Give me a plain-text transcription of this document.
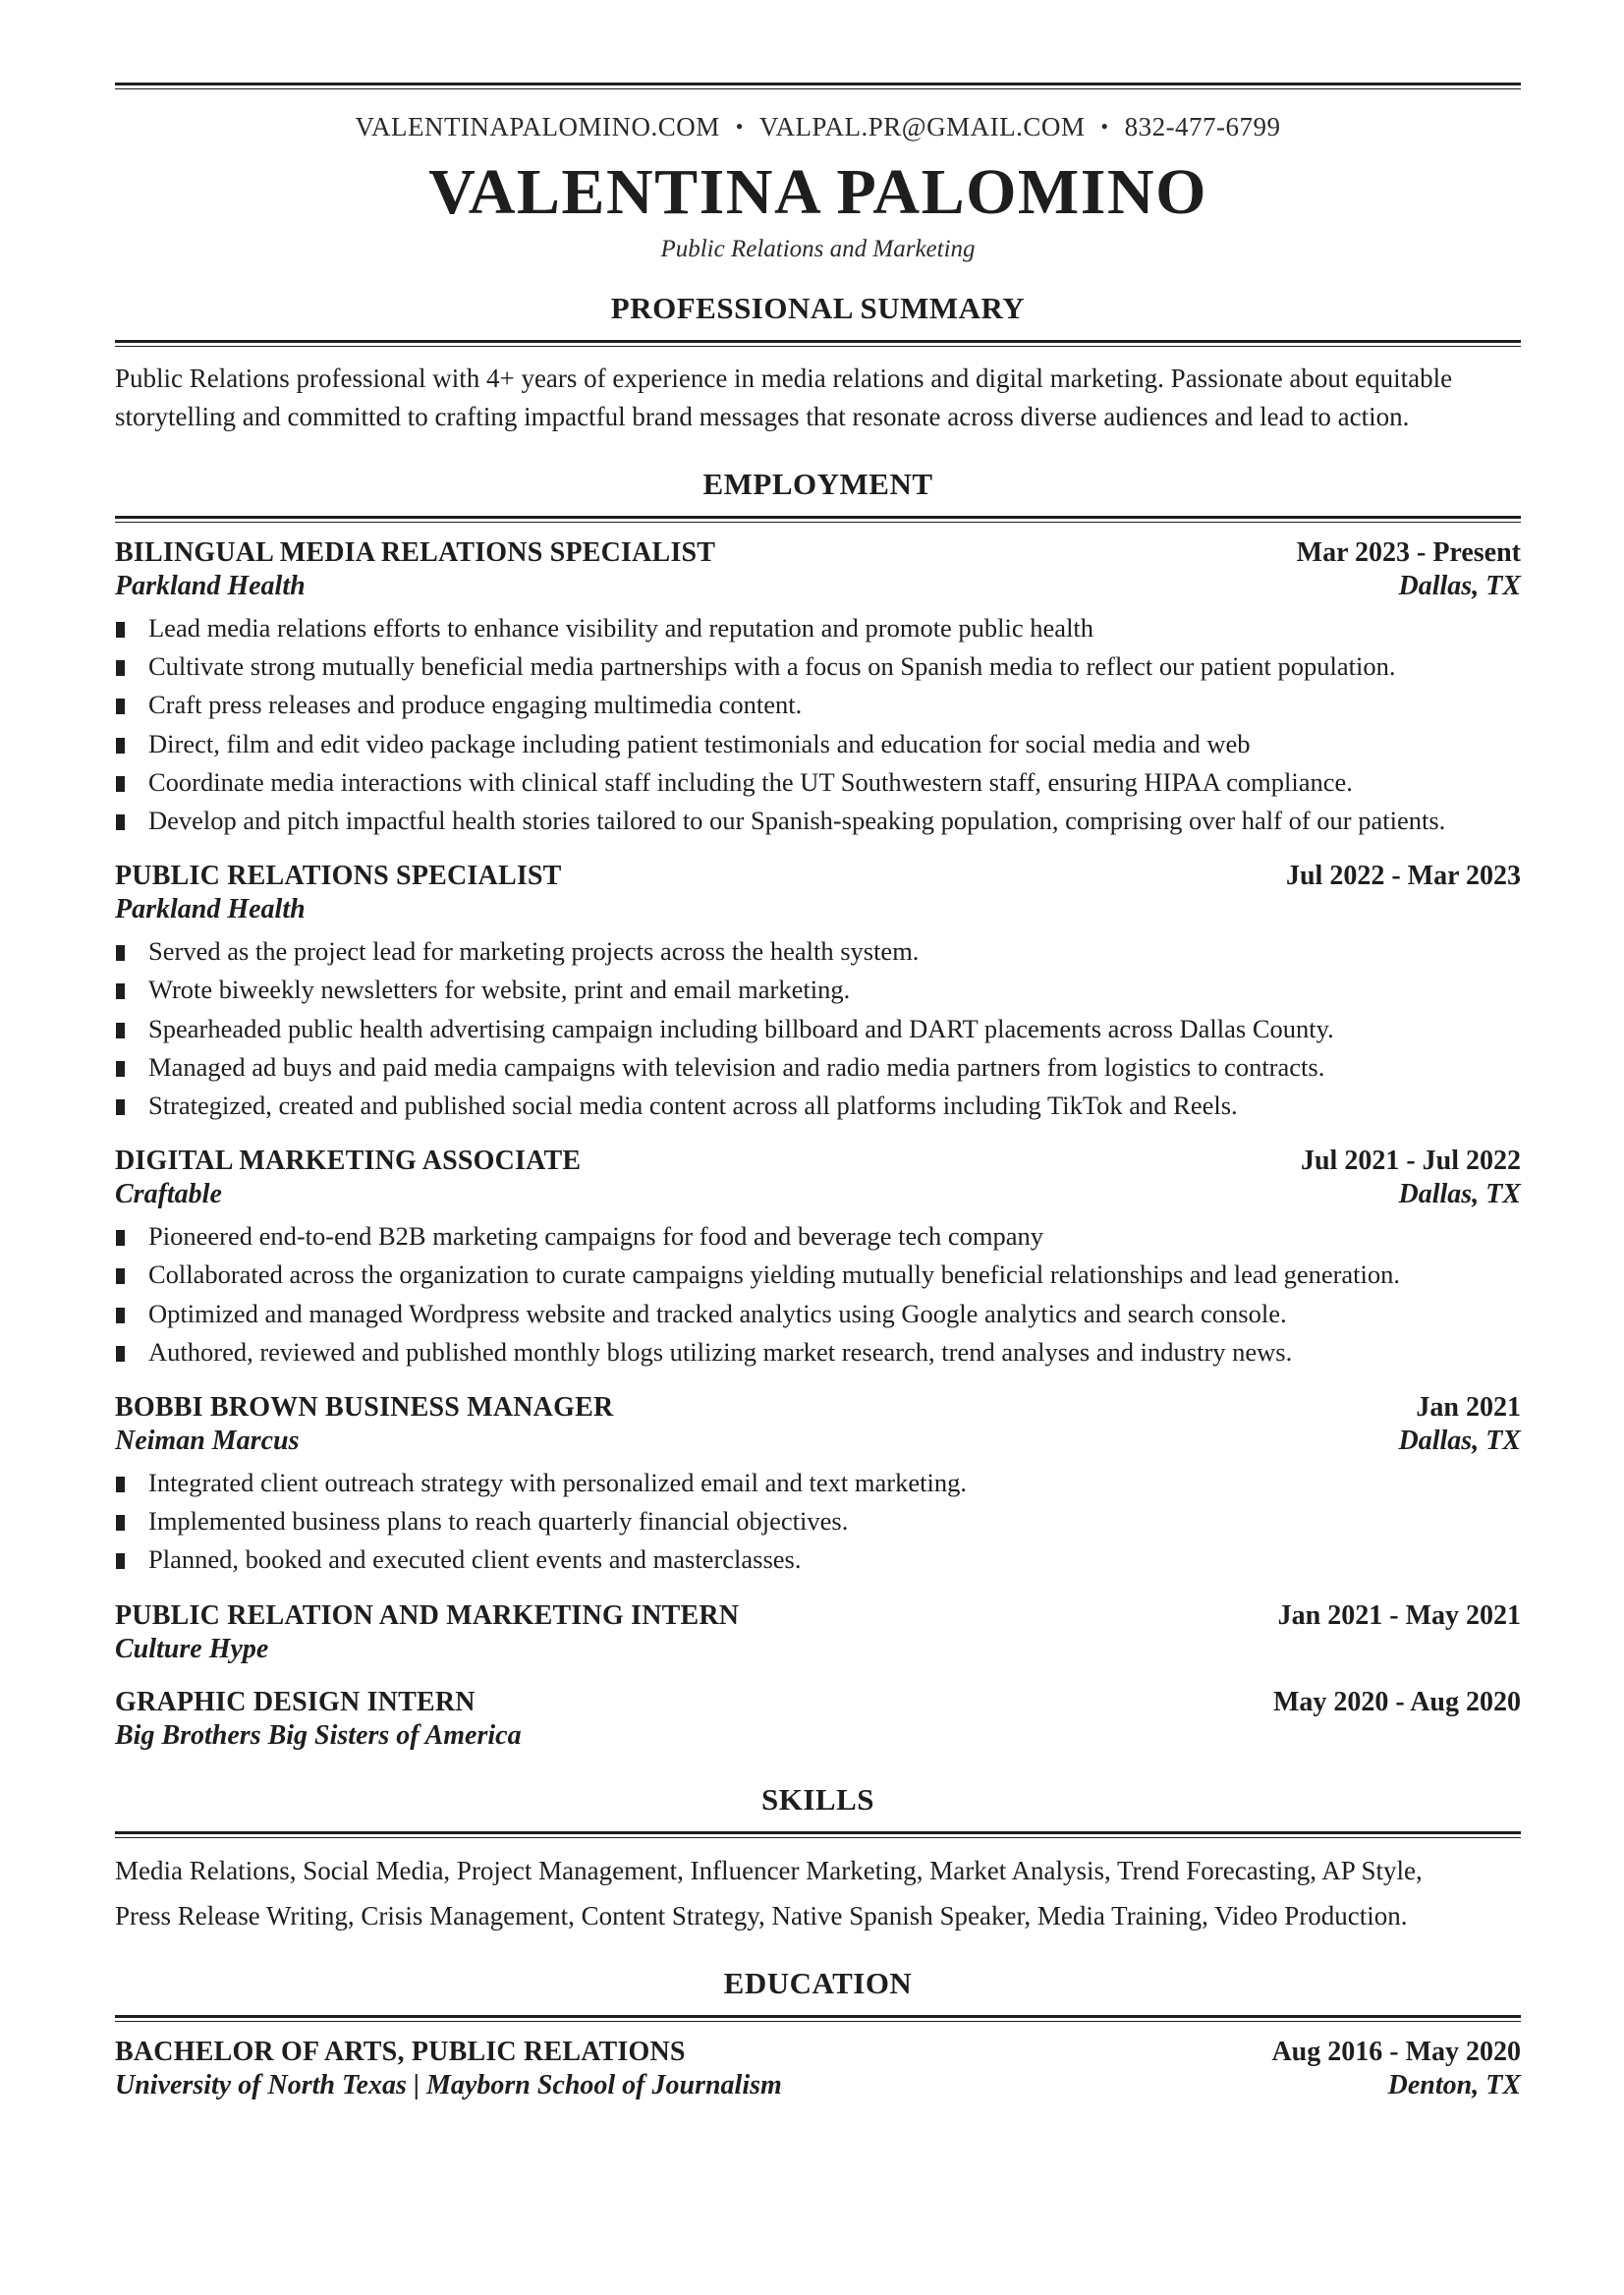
VALENTINAPALOMINO.COM • VALPAL.PR@GMAIL.COM • 832-477-6799
VALENTINA PALOMINO
Public Relations and Marketing
PROFESSIONAL SUMMARY
Public Relations professional with 4+ years of experience in media relations and digital marketing. Passionate about equitable
storytelling and committed to crafting impactful brand messages that resonate across diverse audiences and lead to action.
EMPLOYMENT
BILINGUAL MEDIA RELATIONS SPECIALIST	Mar 2023 - Present
Parkland Health	Dallas, TX
Lead media relations efforts to enhance visibility and reputation and promote public health
Cultivate strong mutually beneficial media partnerships with a focus on Spanish media to reflect our patient population.
Craft press releases and produce engaging multimedia content.
Direct, film and edit video package including patient testimonials and education for social media and web
Coordinate media interactions with clinical staff including the UT Southwestern staff, ensuring HIPAA compliance.
Develop and pitch impactful health stories tailored to our Spanish-speaking population, comprising over half of our patients.
PUBLIC RELATIONS SPECIALIST	Jul 2022 - Mar 2023
Parkland Health
Served as the project lead for marketing projects across the health system.
Wrote biweekly newsletters for website, print and email marketing.
Spearheaded public health advertising campaign including billboard and DART placements across Dallas County.
Managed ad buys and paid media campaigns with television and radio media partners from logistics to contracts.
Strategized, created and published social media content across all platforms including TikTok and Reels.
DIGITAL MARKETING ASSOCIATE	Jul 2021 - Jul 2022
Craftable	Dallas, TX
Pioneered end-to-end B2B marketing campaigns for food and beverage tech company
Collaborated across the organization to curate campaigns yielding mutually beneficial relationships and lead generation.
Optimized and managed Wordpress website and tracked analytics using Google analytics and search console.
Authored, reviewed and published monthly blogs utilizing market research, trend analyses and industry news.
BOBBI BROWN BUSINESS MANAGER	Jan 2021
Neiman Marcus	Dallas, TX
Integrated client outreach strategy with personalized email and text marketing.
Implemented business plans to reach quarterly financial objectives.
Planned, booked and executed client events and masterclasses.
PUBLIC RELATION AND MARKETING INTERN	Jan 2021 - May 2021
Culture Hype
GRAPHIC DESIGN INTERN	May 2020 - Aug 2020
Big Brothers Big Sisters of America
SKILLS
Media Relations, Social Media, Project Management, Influencer Marketing, Market Analysis, Trend Forecasting, AP Style,
Press Release Writing, Crisis Management, Content Strategy, Native Spanish Speaker, Media Training, Video Production.
EDUCATION
BACHELOR OF ARTS, PUBLIC RELATIONS	Aug 2016 - May 2020
University of North Texas | Mayborn School of Journalism	Denton, TX
